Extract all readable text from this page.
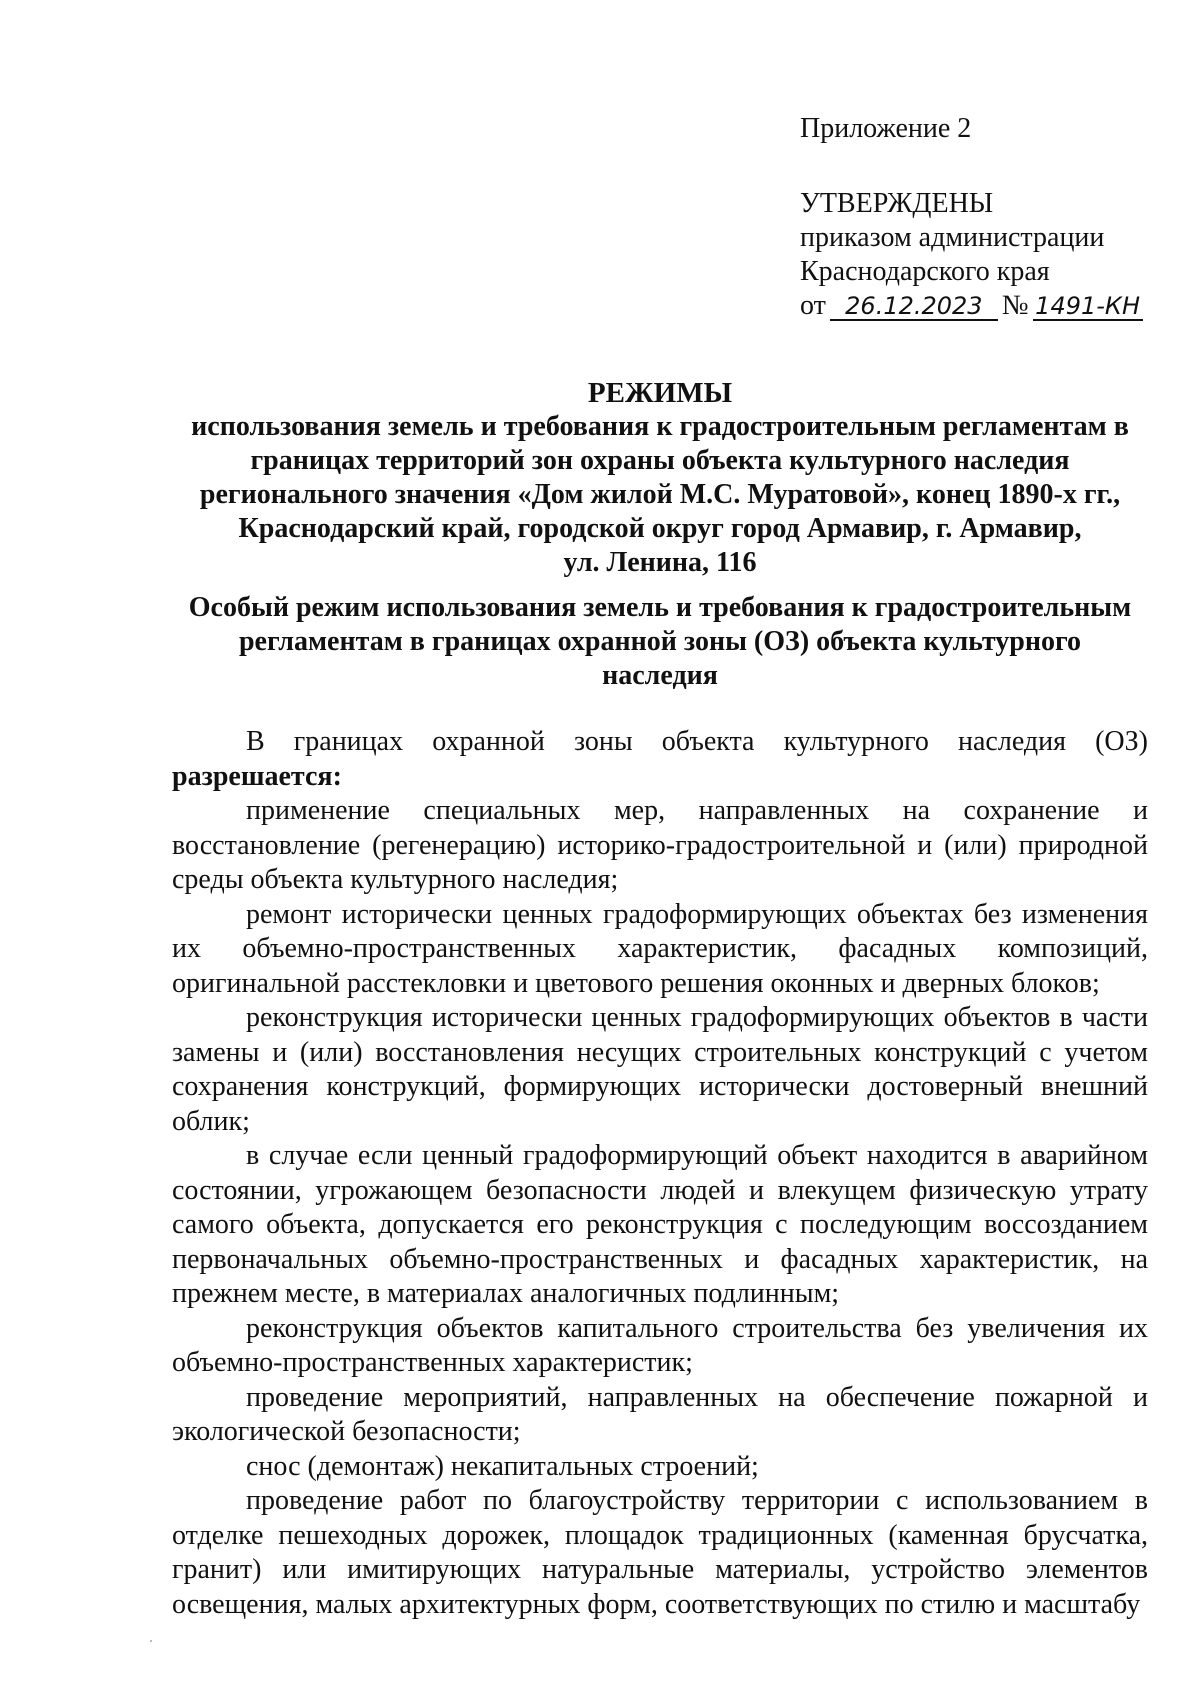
Приложение 2
УТВЕРЖДЕНЫ
приказом администрации
Краснодарского края
от 26.12.2023 № 1491-КН
РЕЖИМЫ
использования земель и требования к градостроительным регламентам в
границах территорий зон охраны объекта культурного наследия
регионального значения «Дом жилой М.С. Муратовой», конец 1890-х гг.,
Краснодарский край, городской округ город Армавир, г. Армавир,
ул. Ленина, 116
Особый режим использования земель и требования к градостроительным
регламентам в границах охранной зоны (ОЗ) объекта культурного
наследия

В границах охранной зоны объекта культурного наследия (ОЗ) разрешается:

применение специальных мер, направленных на сохранение и восстановление (регенерацию) историко-градостроительной и (или) природной среды объекта культурного наследия;

ремонт исторически ценных градоформирующих объектах без изменения их объемно-пространственных характеристик, фасадных композиций, оригинальной расстекловки и цветового решения оконных и дверных блоков;

реконструкция исторически ценных градоформирующих объектов в части замены и (или) восстановления несущих строительных конструкций с учетом сохранения конструкций, формирующих исторически достоверный внешний облик;

в случае если ценный градоформирующий объект находится в аварийном состоянии, угрожающем безопасности людей и влекущем физическую утрату самого объекта, допускается его реконструкция с последующим воссозданием первоначальных объемно-пространственных и фасадных характеристик, на прежнем месте, в материалах аналогичных подлинным;

реконструкция объектов капитального строительства без увеличения их объемно-пространственных характеристик;

проведение мероприятий, направленных на обеспечение пожарной и экологической безопасности;

снос (демонтаж) некапитальных строений;

проведение работ по благоустройству территории с использованием в отделке пешеходных дорожек, площадок традиционных (каменная брусчатка, гранит) или имитирующих натуральные материалы, устройство элементов освещения, малых архитектурных форм, соответствующих по стилю и масштабу
